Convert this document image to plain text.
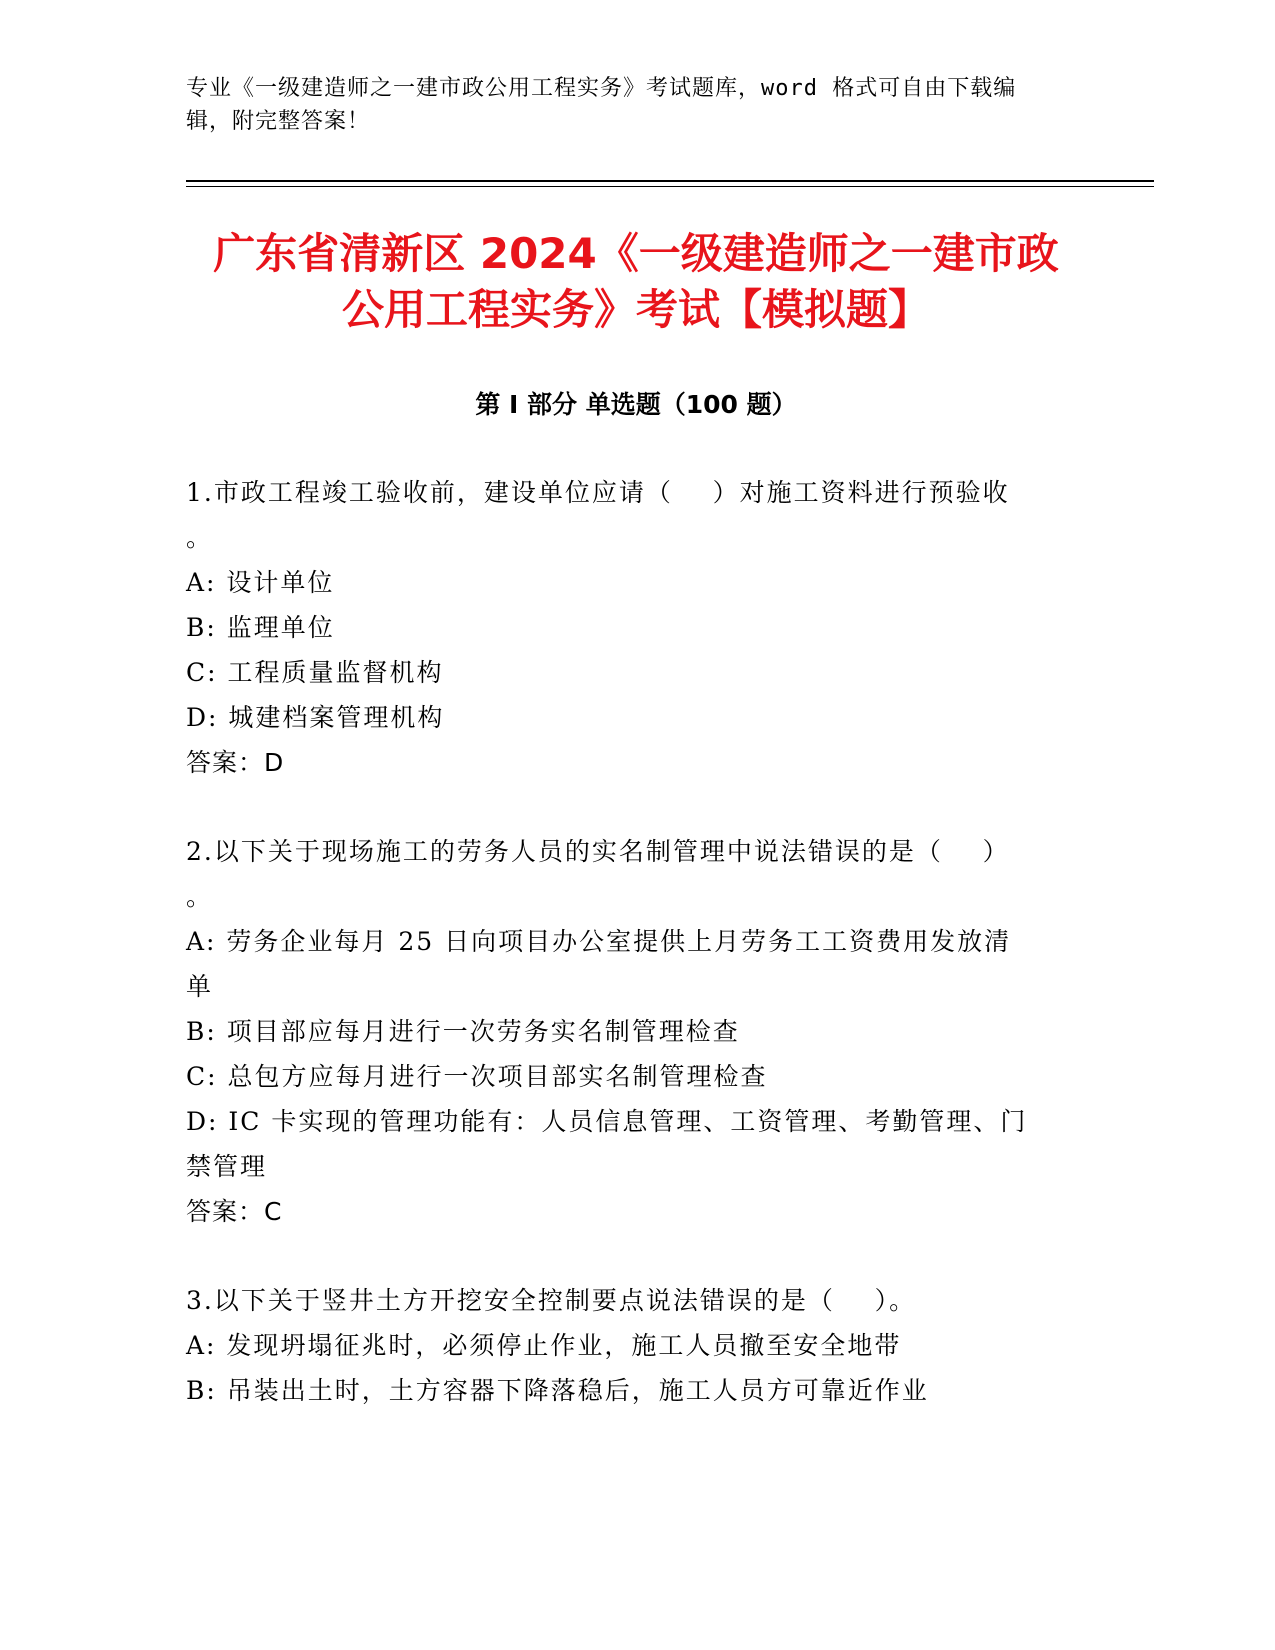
专业《一级建造师之一建市政公用工程实务》考试题库，word 格式可自由下载编
辑，附完整答案！
广东省清新区 2024《一级建造师之一建市政
公用工程实务》考试【模拟题】
第 I 部分 单选题（100 题）
1.市政工程竣工验收前，建设单位应请（    ）对施工资料进行预验收
。
A: 设计单位
B: 监理单位
C: 工程质量监督机构
D: 城建档案管理机构
答案：D
2.以下关于现场施工的劳务人员的实名制管理中说法错误的是（    ）
。
A: 劳务企业每月 25 日向项目办公室提供上月劳务工工资费用发放清
单
B: 项目部应每月进行一次劳务实名制管理检查
C: 总包方应每月进行一次项目部实名制管理检查
D: IC 卡实现的管理功能有：人员信息管理、工资管理、考勤管理、门
禁管理
答案：C
3.以下关于竖井土方开挖安全控制要点说法错误的是（    ）。
A: 发现坍塌征兆时，必须停止作业，施工人员撤至安全地带
B: 吊装出土时，土方容器下降落稳后，施工人员方可靠近作业
